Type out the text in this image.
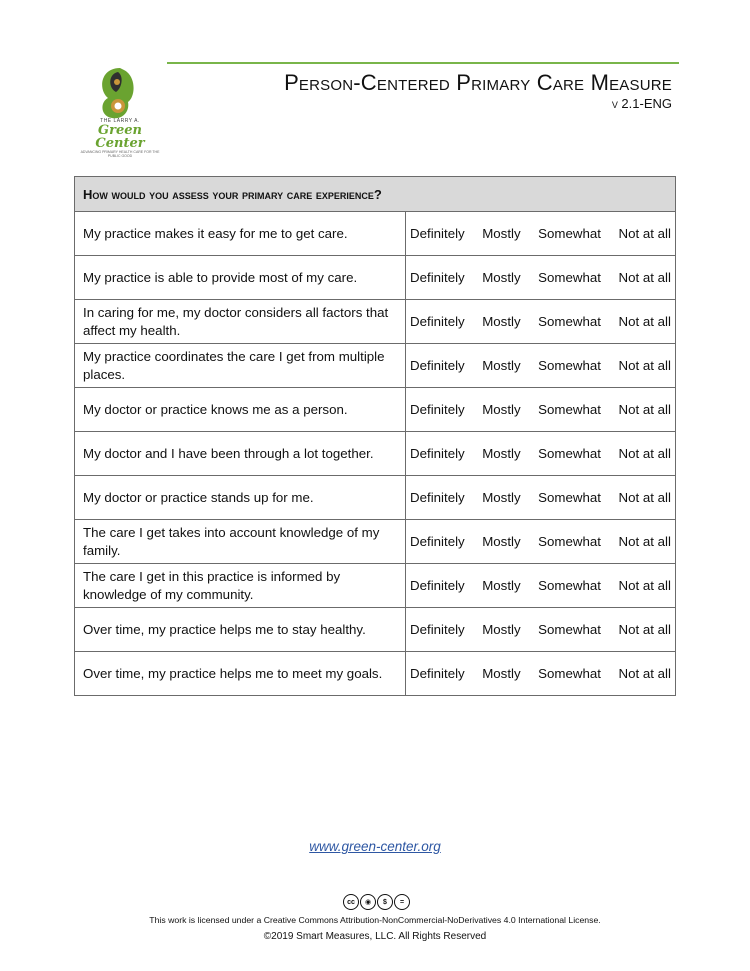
THE LARRY A.
Green Center
ADVANCING PRIMARY HEALTH CARE FOR THE PUBLIC GOOD
Person-Centered Primary Care Measure
v 2.1-ENG
How would you assess your primary care experience?	
My practice makes it easy for me to get care.	Definitely Mostly Somewhat Not at all

My practice is able to provide most of my care.	Definitely Mostly Somewhat Not at all

In caring for me, my doctor considers all factors that affect my health.	Definitely Mostly Somewhat Not at all

My practice coordinates the care I get from multiple places.	Definitely Mostly Somewhat Not at all

My doctor or practice knows me as a person.	Definitely Mostly Somewhat Not at all

My doctor and I have been through a lot together.	Definitely Mostly Somewhat Not at all

My doctor or practice stands up for me.	Definitely Mostly Somewhat Not at all

The care I get takes into account knowledge of my family.	Definitely Mostly Somewhat Not at all

The care I get in this practice is informed by knowledge of my community.	Definitely Mostly Somewhat Not at all

Over time, my practice helps me to stay healthy.	Definitely Mostly Somewhat Not at all

Over time, my practice helps me to meet my goals.	Definitely Mostly Somewhat Not at all
www.green-center.org
cc	◉	$	=
This work is licensed under a Creative Commons Attribution-NonCommercial-NoDerivatives 4.0 International License.
©2019 Smart Measures, LLC. All Rights Reserved
